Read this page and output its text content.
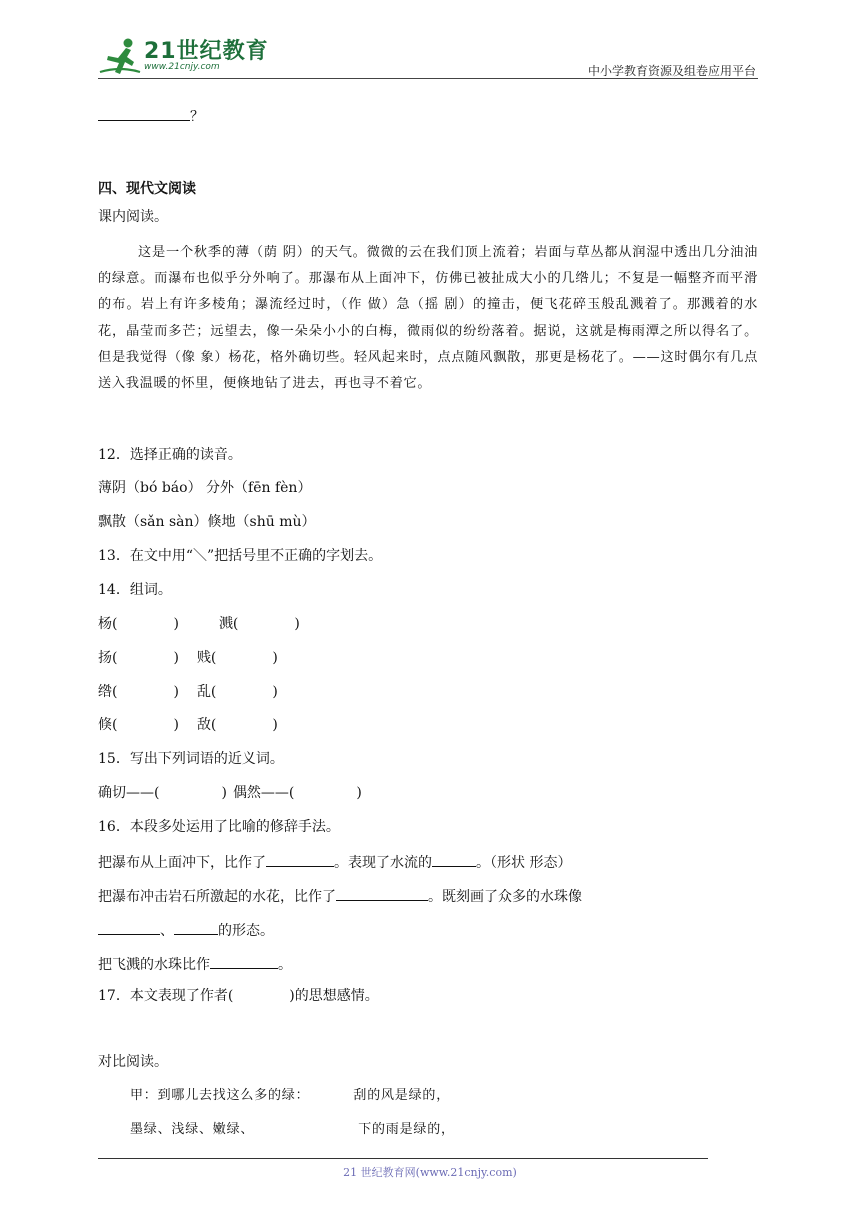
21世纪教育
www.21cnjy.com	中小学教育资源及组卷应用平台
？
四、现代文阅读
课内阅读。
这是一个秋季的薄（荫 阴）的天气。微微的云在我们顶上流着；岩面与草丛都从润湿中透出几分油油的绿意。而瀑布也似乎分外响了。那瀑布从上面冲下，仿佛已被扯成大小的几绺儿；不复是一幅整齐而平滑的布。岩上有许多棱角；瀑流经过时，（作 做）急（摇 剧）的撞击，便飞花碎玉般乱溅着了。那溅着的水花，晶莹而多芒；远望去，像一朵朵小小的白梅，微雨似的纷纷落着。据说，这就是梅雨潭之所以得名了。但是我觉得（像 象）杨花，格外确切些。轻风起来时，点点随风飘散，那更是杨花了。——这时偶尔有几点送入我温暖的怀里，便倏地钻了进去，再也寻不着它。
12．选择正确的读音。
薄阴（bó báo） 分外（fēn fèn）
飘散（sǎn sàn）倏地（shū mù）
13．在文中用“＼”把括号里不正确的字划去。
14．组词。
杨(	)	溅(	)
扬(	) 贱(	)
绺(	) 乱(	)
倏(	) 敌(	)
15．写出下列词语的近义词。
确切——(	) 偶然——(	)
16．本段多处运用了比喻的修辞手法。
把瀑布从上面冲下，比作了	。表现了水流的	。（形状 形态）
把瀑布冲击岩石所激起的水花，比作了	。既刻画了众多的水珠像
、	的形态。
把飞溅的水珠比作	。
17．本文表现了作者(	)的思想感情。
对比阅读。
甲：到哪儿去找这么多的绿：	刮的风是绿的，
墨绿、浅绿、嫩绿、	下的雨是绿的，
21 世纪教育网(www.21cnjy.com)
